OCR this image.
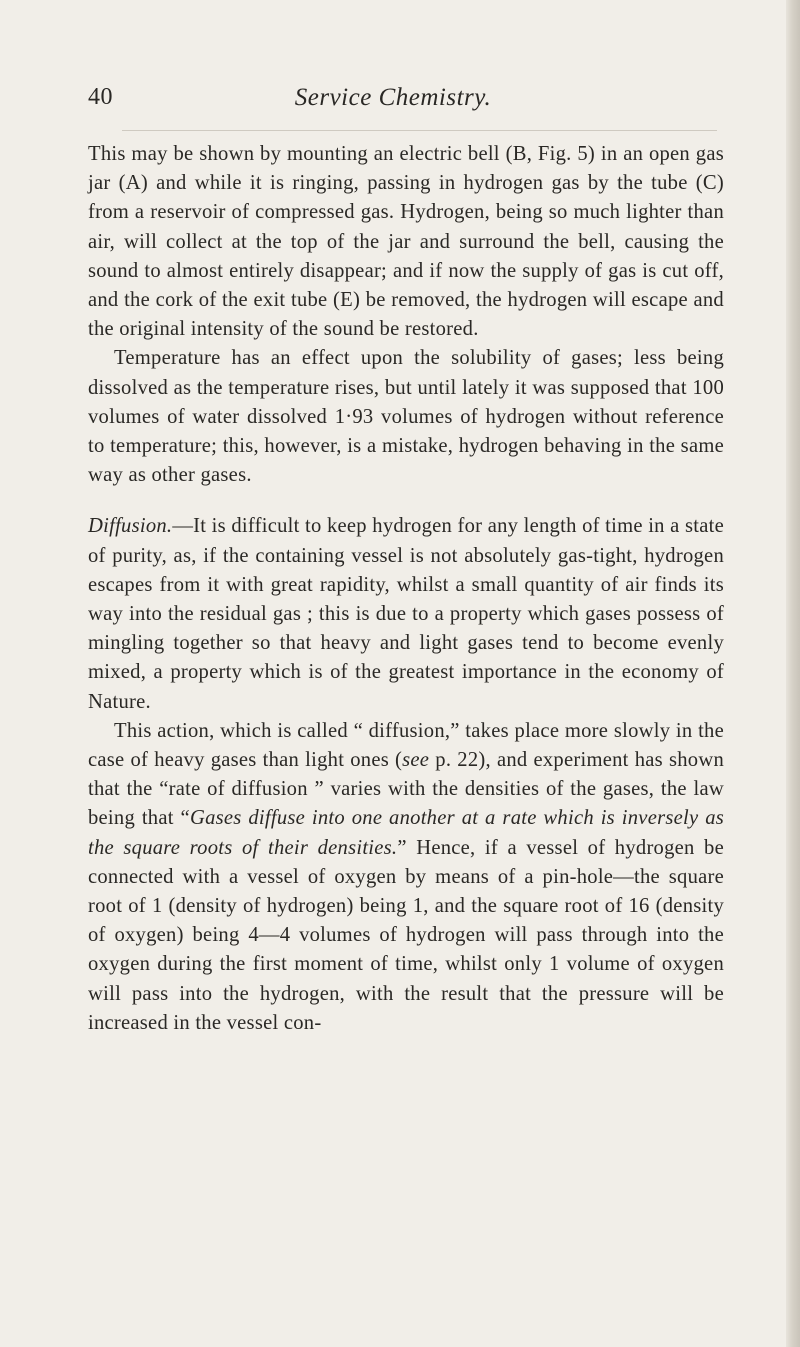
40	Service Chemistry.

This may be shown by mounting an electric bell (B, Fig. 5) in an open gas jar (A) and while it is ringing, passing in hydrogen gas by the tube (C) from a reservoir of compressed gas. Hydrogen, being so much lighter than air, will collect at the top of the jar and surround the bell, causing the sound to almost entirely disappear; and if now the supply of gas is cut off, and the cork of the exit tube (E) be removed, the hydrogen will escape and the original intensity of the sound be restored.

Temperature has an effect upon the solubility of gases; less being dissolved as the temperature rises, but until lately it was supposed that 100 volumes of water dissolved 1·93 volumes of hydrogen without reference to temperature; this, however, is a mistake, hydrogen behaving in the same way as other gases.

Diffusion.—It is difficult to keep hydrogen for any length of time in a state of purity, as, if the containing vessel is not absolutely gas-tight, hydrogen escapes from it with great rapidity, whilst a small quantity of air finds its way into the residual gas ; this is due to a property which gases possess of mingling together so that heavy and light gases tend to become evenly mixed, a property which is of the greatest importance in the economy of Nature.

This action, which is called “ diffusion,” takes place more slowly in the case of heavy gases than light ones (see p. 22), and experiment has shown that the “rate of diffusion ” varies with the densities of the gases, the law being that “Gases diffuse into one another at a rate which is inversely as the square roots of their densities.” Hence, if a vessel of hydrogen be connected with a vessel of oxygen by means of a pin-hole—the square root of 1 (density of hydrogen) being 1, and the square root of 16 (density of oxygen) being 4—4 volumes of hydrogen will pass through into the oxygen during the first moment of time, whilst only 1 volume of oxygen will pass into the hydrogen, with the result that the pressure will be increased in the vessel con-
